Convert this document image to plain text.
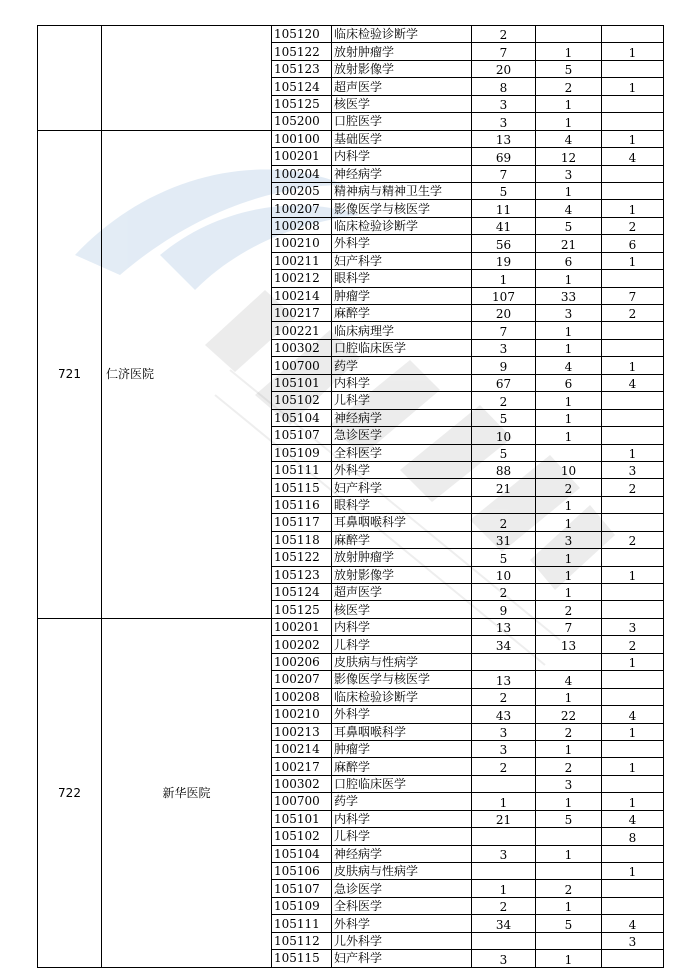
		105120	临床检验诊断学	2		
		105122	放射肿瘤学	7	1	1
		105123	放射影像学	20	5	
		105124	超声医学	8	2	1
		105125	核医学	3	1	
		105200	口腔医学	3	1	
721	仁济医院	100100	基础医学	13	4	1
		100201	内科学	69	12	4
		100204	神经病学	7	3	
		100205	精神病与精神卫生学	5	1	
		100207	影像医学与核医学	11	4	1
		100208	临床检验诊断学	41	5	2
		100210	外科学	56	21	6
		100211	妇产科学	19	6	1
		100212	眼科学	1	1	
		100214	肿瘤学	107	33	7
		100217	麻醉学	20	3	2
		100221	临床病理学	7	1	
		100302	口腔临床医学	3	1	
		100700	药学	9	4	1
		105101	内科学	67	6	4
		105102	儿科学	2	1	
		105104	神经病学	5	1	
		105107	急诊医学	10	1	
		105109	全科医学	5		1
		105111	外科学	88	10	3
		105115	妇产科学	21	2	2
		105116	眼科学		1	
		105117	耳鼻咽喉科学	2	1	
		105118	麻醉学	31	3	2
		105122	放射肿瘤学	5	1	
		105123	放射影像学	10	1	1
		105124	超声医学	2	1	
		105125	核医学	9	2	
722	新华医院	100201	内科学	13	7	3
		100202	儿科学	34	13	2
		100206	皮肤病与性病学			1
		100207	影像医学与核医学	13	4	
		100208	临床检验诊断学	2	1	
		100210	外科学	43	22	4
		100213	耳鼻咽喉科学	3	2	1
		100214	肿瘤学	3	1	
		100217	麻醉学	2	2	1
		100302	口腔临床医学		3	
		100700	药学	1	1	1
		105101	内科学	21	5	4
		105102	儿科学			8
		105104	神经病学	3	1	
		105106	皮肤病与性病学			1
		105107	急诊医学	1	2	
		105109	全科医学	2	1	
		105111	外科学	34	5	4
		105112	儿外科学			3
		105115	妇产科学	3	1	
